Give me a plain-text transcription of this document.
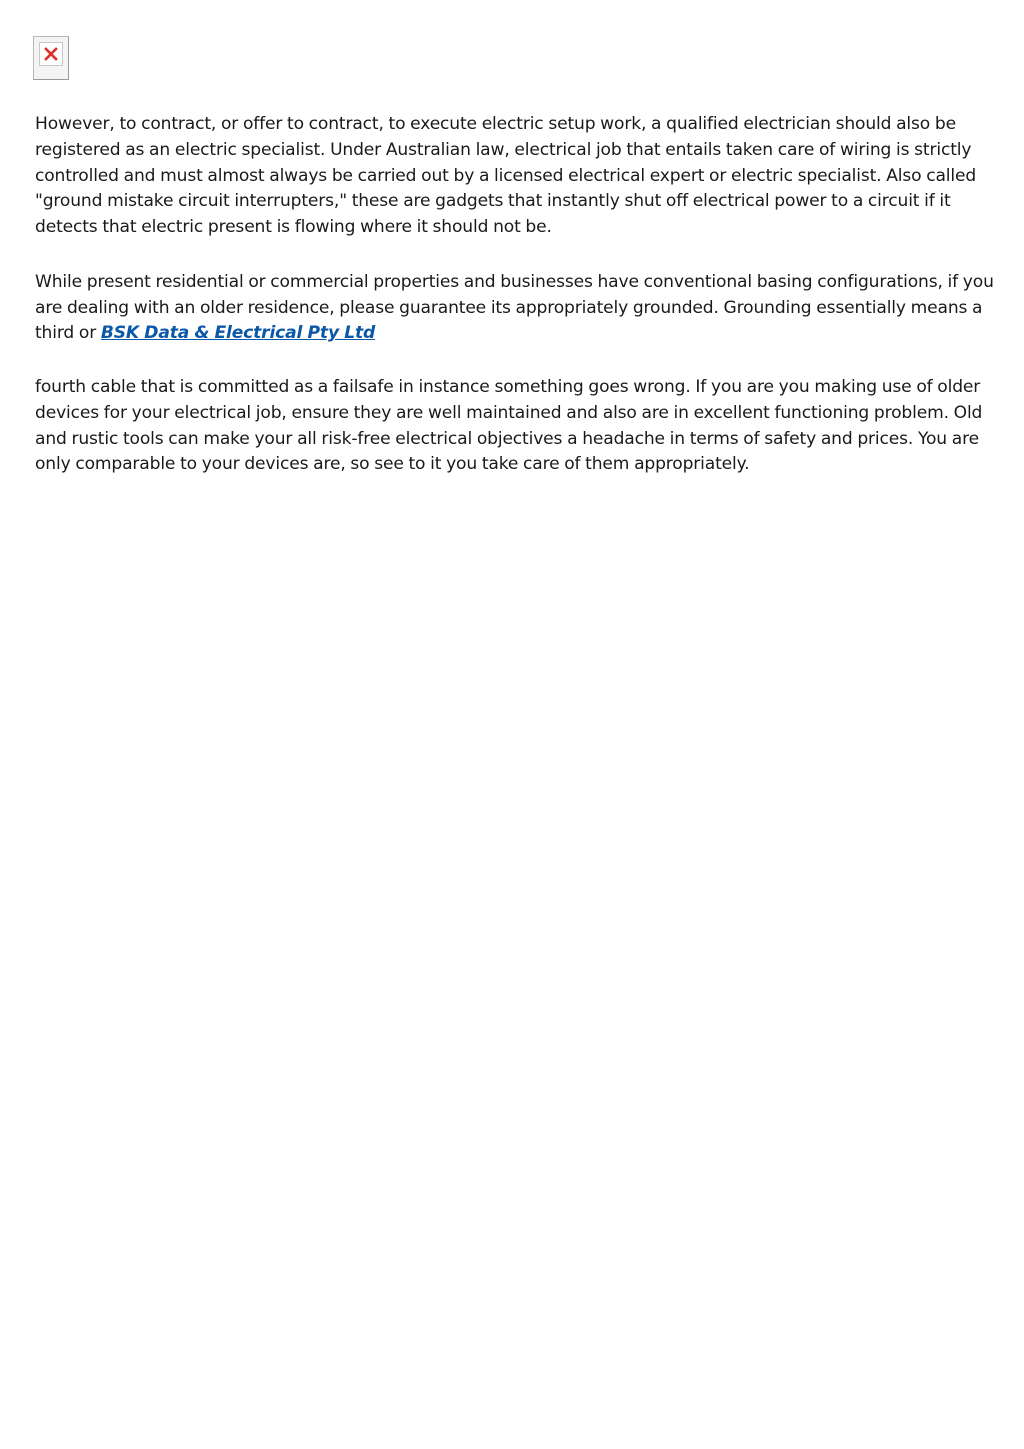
However, to contract, or offer to contract, to execute electric setup work, a qualified electrician should also be registered as an electric specialist. Under Australian law, electrical job that entails taken care of wiring is strictly controlled and must almost always be carried out by a licensed electrical expert or electric specialist. Also called "ground mistake circuit interrupters," these are gadgets that instantly shut off electrical power to a circuit if it detects that electric present is flowing where it should not be.

While present residential or commercial properties and businesses have conventional basing configurations, if you are dealing with an older residence, please guarantee its appropriately grounded. Grounding essentially means a third or BSK Data & Electrical Pty Ltd

fourth cable that is committed as a failsafe in instance something goes wrong. If you are you making use of older devices for your electrical job, ensure they are well maintained and also are in excellent functioning problem. Old and rustic tools can make your all risk-free electrical objectives a headache in terms of safety and prices. You are only comparable to your devices are, so see to it you take care of them appropriately.
